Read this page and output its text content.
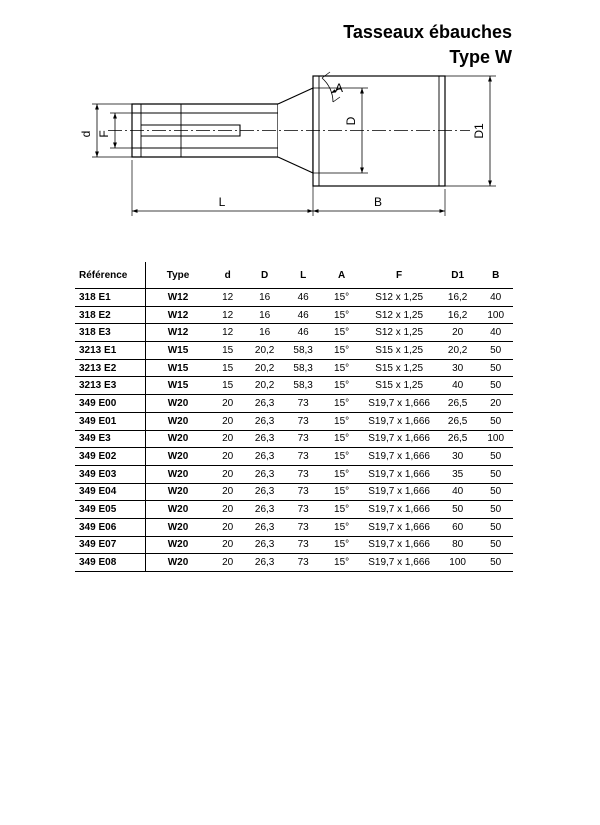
Tasseaux ébauches
Type W
d F
A
D
D1
L	B
Référence	Type	d	D	L	A	F	D1	B
318 E1	W12	12	16	46	15°	S12 x 1,25	16,2	40
318 E2	W12	12	16	46	15°	S12 x 1,25	16,2	100
318 E3	W12	12	16	46	15°	S12 x 1,25	20	40
3213 E1	W15	15	20,2	58,3	15°	S15 x 1,25	20,2	50
3213 E2	W15	15	20,2	58,3	15°	S15 x 1,25	30	50
3213 E3	W15	15	20,2	58,3	15°	S15 x 1,25	40	50
349 E00	W20	20	26,3	73	15°	S19,7 x 1,666	26,5	20
349 E01	W20	20	26,3	73	15°	S19,7 x 1,666	26,5	50
349 E3	W20	20	26,3	73	15°	S19,7 x 1,666	26,5	100
349 E02	W20	20	26,3	73	15°	S19,7 x 1,666	30	50
349 E03	W20	20	26,3	73	15°	S19,7 x 1,666	35	50
349 E04	W20	20	26,3	73	15°	S19,7 x 1,666	40	50
349 E05	W20	20	26,3	73	15°	S19,7 x 1,666	50	50
349 E06	W20	20	26,3	73	15°	S19,7 x 1,666	60	50
349 E07	W20	20	26,3	73	15°	S19,7 x 1,666	80	50
349 E08	W20	20	26,3	73	15°	S19,7 x 1,666	100	50
